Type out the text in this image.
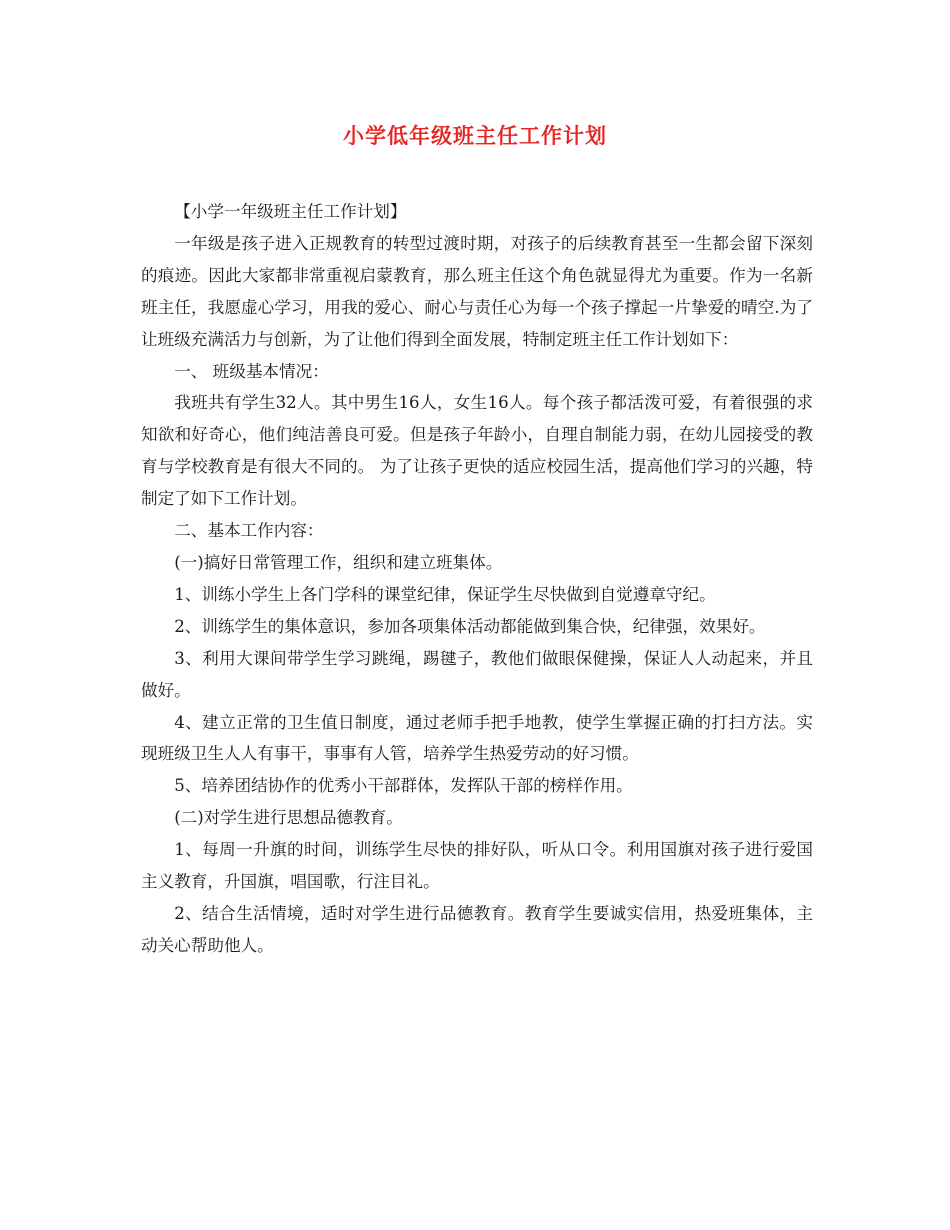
小学低年级班主任工作计划

【小学一年级班主任工作计划】

一年级是孩子进入正规教育的转型过渡时期，对孩子的后续教育甚至一生都会留下深刻的痕迹。因此大家都非常重视启蒙教育，那么班主任这个角色就显得尤为重要。作为一名新班主任，我愿虚心学习，用我的爱心、耐心与责任心为每一个孩子撑起一片挚爱的晴空.为了让班级充满活力与创新，为了让他们得到全面发展，特制定班主任工作计划如下：

一、 班级基本情况：

我班共有学生32人。其中男生16人，女生16人。每个孩子都活泼可爱，有着很强的求知欲和好奇心，他们纯洁善良可爱。但是孩子年龄小，自理自制能力弱，在幼儿园接受的教育与学校教育是有很大不同的。 为了让孩子更快的适应校园生活，提高他们学习的兴趣，特制定了如下工作计划。

二、基本工作内容：

(一)搞好日常管理工作，组织和建立班集体。

1、训练小学生上各门学科的课堂纪律，保证学生尽快做到自觉遵章守纪。

2、训练学生的集体意识，参加各项集体活动都能做到集合快，纪律强，效果好。

3、利用大课间带学生学习跳绳，踢毽子，教他们做眼保健操，保证人人动起来，并且做好。

4、建立正常的卫生值日制度，通过老师手把手地教，使学生掌握正确的打扫方法。实现班级卫生人人有事干，事事有人管，培养学生热爱劳动的好习惯。

5、培养团结协作的优秀小干部群体，发挥队干部的榜样作用。

(二)对学生进行思想品德教育。

1、每周一升旗的时间，训练学生尽快的排好队，听从口令。利用国旗对孩子进行爱国主义教育，升国旗，唱国歌，行注目礼。

2、结合生活情境，适时对学生进行品德教育。教育学生要诚实信用，热爱班集体，主动关心帮助他人。
